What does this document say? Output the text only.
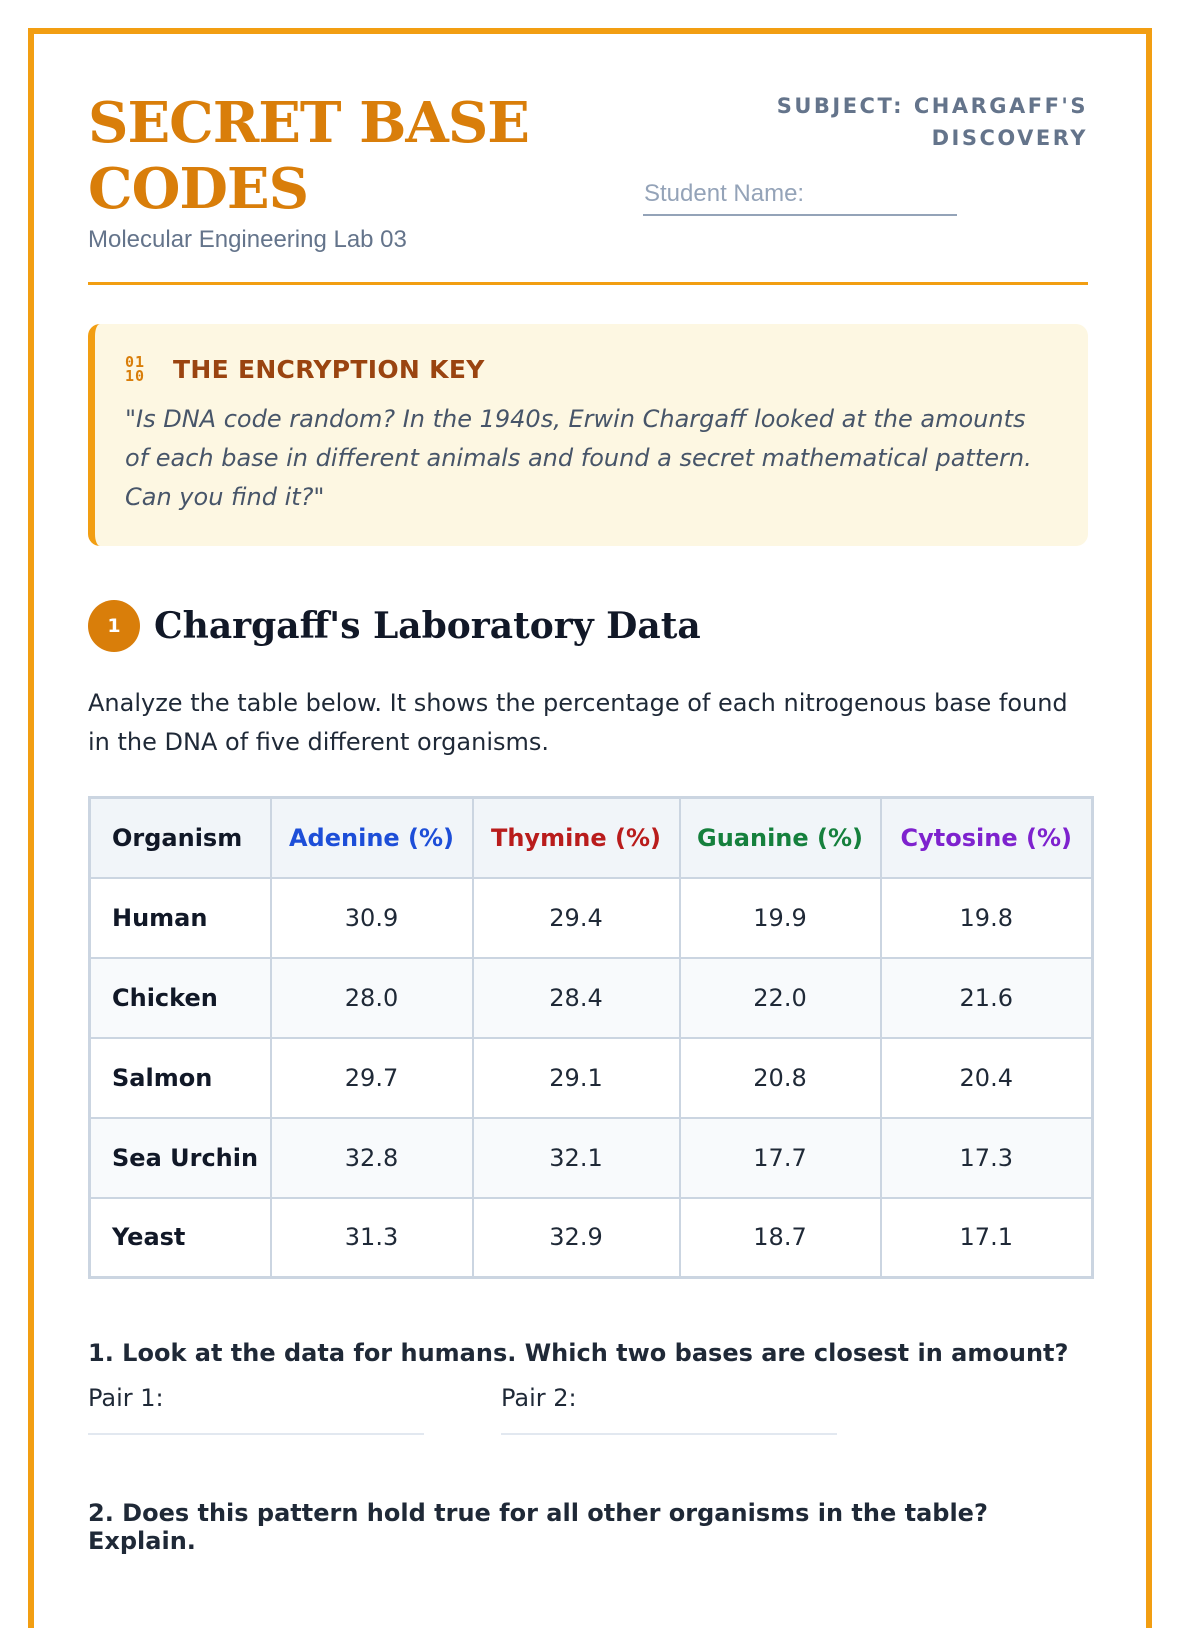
SECRET BASE CODES
Molecular Engineering Lab 03
SUBJECT: CHARGAFF'S DISCOVERY
Student Name:
01
10	THE ENCRYPTION KEY

"Is DNA code random? In the 1940s, Erwin Chargaff looked at the amounts of each base in different animals and found a secret mathematical pattern. Can you find it?"

1 Chargaff's Laboratory Data

Analyze the table below. It shows the percentage of each nitrogenous base found in the DNA of five different organisms.

Organism	Adenine (%)	Thymine (%)	Guanine (%)	Cytosine (%)
Human	30.9	29.4	19.9	19.8
Chicken	28.0	28.4	22.0	21.6
Salmon	29.7	29.1	20.8	20.4
Sea Urchin	32.8	32.1	17.7	17.3
Yeast	31.3	32.9	18.7	17.1

1. Look at the data for humans. Which two bases are closest in amount?

Pair 1:	Pair 2:

2. Does this pattern hold true for all other organisms in the table? Explain.
